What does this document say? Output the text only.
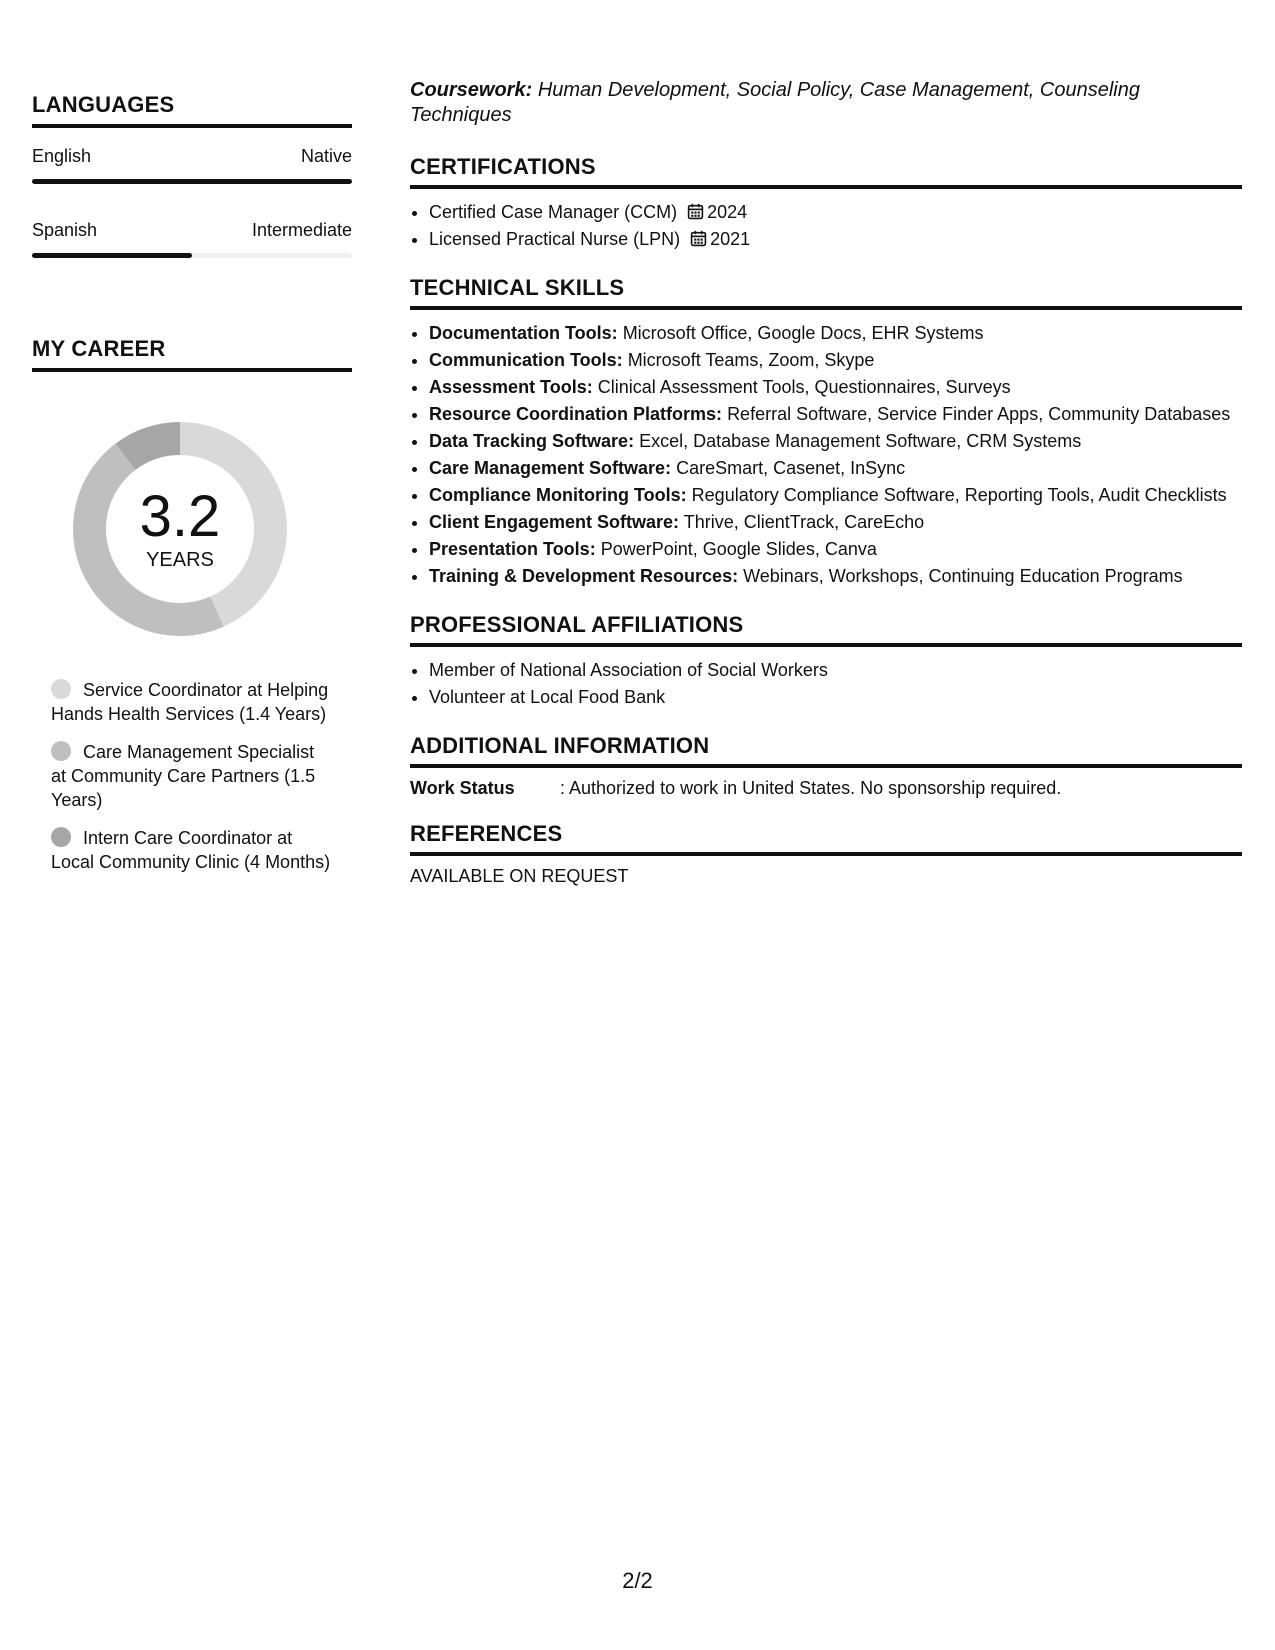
LANGUAGES
English	Native
Spanish	Intermediate
MY CAREER
3.2
YEARS
Service Coordinator at Helping Hands Health Services (1.4 Years)
Care Management Specialist at Community Care Partners (1.5 Years)
Intern Care Coordinator at Local Community Clinic (4 Months)

Coursework: Human Development, Social Policy, Case Management, Counseling Techniques

CERTIFICATIONS
• Certified Case Manager (CCM) 2024
• Licensed Practical Nurse (LPN) 2021
TECHNICAL SKILLS
• Documentation Tools: Microsoft Office, Google Docs, EHR Systems
• Communication Tools: Microsoft Teams, Zoom, Skype
• Assessment Tools: Clinical Assessment Tools, Questionnaires, Surveys
• Resource Coordination Platforms: Referral Software, Service Finder Apps, Community Databases
• Data Tracking Software: Excel, Database Management Software, CRM Systems
• Care Management Software: CareSmart, Casenet, InSync
• Compliance Monitoring Tools: Regulatory Compliance Software, Reporting Tools, Audit Checklists
• Client Engagement Software: Thrive, ClientTrack, CareEcho
• Presentation Tools: PowerPoint, Google Slides, Canva
• Training & Development Resources: Webinars, Workshops, Continuing Education Programs
PROFESSIONAL AFFILIATIONS
• Member of National Association of Social Workers
• Volunteer at Local Food Bank
ADDITIONAL INFORMATION
Work Status	: Authorized to work in United States. No sponsorship required.
REFERENCES
AVAILABLE ON REQUEST
2/2
